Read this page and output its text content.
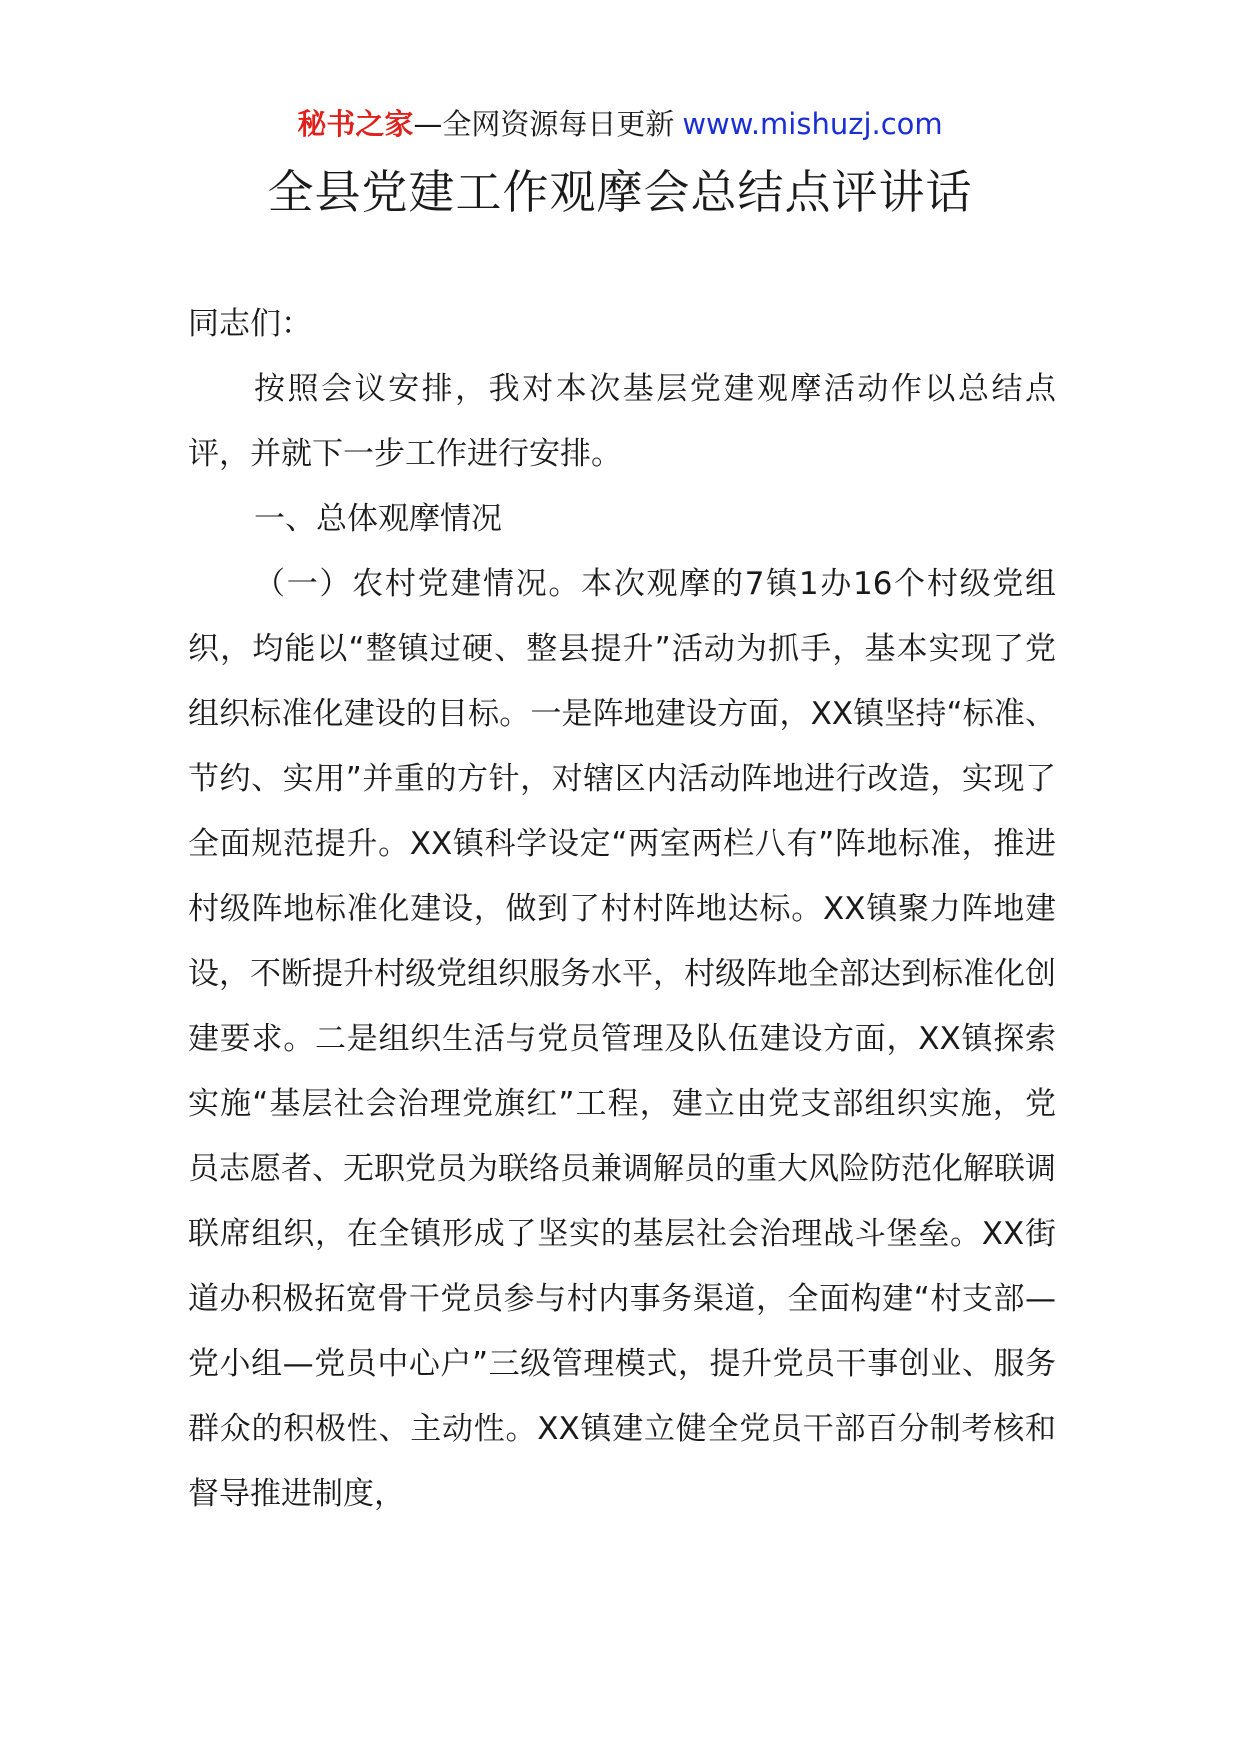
秘书之家—全网资源每日更新 www.mishuzj.com
全县党建工作观摩会总结点评讲话

同志们：

按照会议安排，我对本次基层党建观摩活动作以总结点评，并就下一步工作进行安排。

一、总体观摩情况

（一）农村党建情况。本次观摩的7镇1办16个村级党组织，均能以“整镇过硬、整县提升”活动为抓手，基本实现了党组织标准化建设的目标。一是阵地建设方面，XX镇坚持“标准、节约、实用”并重的方针，对辖区内活动阵地进行改造，实现了全面规范提升。XX镇科学设定“两室两栏八有”阵地标准，推进村级阵地标准化建设，做到了村村阵地达标。XX镇聚力阵地建设，不断提升村级党组织服务水平，村级阵地全部达到标准化创建要求。二是组织生活与党员管理及队伍建设方面，XX镇探索实施“基层社会治理党旗红”工程，建立由党支部组织实施，党员志愿者、无职党员为联络员兼调解员的重大风险防范化解联调联席组织，在全镇形成了坚实的基层社会治理战斗堡垒。XX街道办积极拓宽骨干党员参与村内事务渠道，全面构建“村支部—党小组—党员中心户”三级管理模式，提升党员干事创业、服务群众的积极性、主动性。XX镇建立健全党员干部百分制考核和督导推进制度，
